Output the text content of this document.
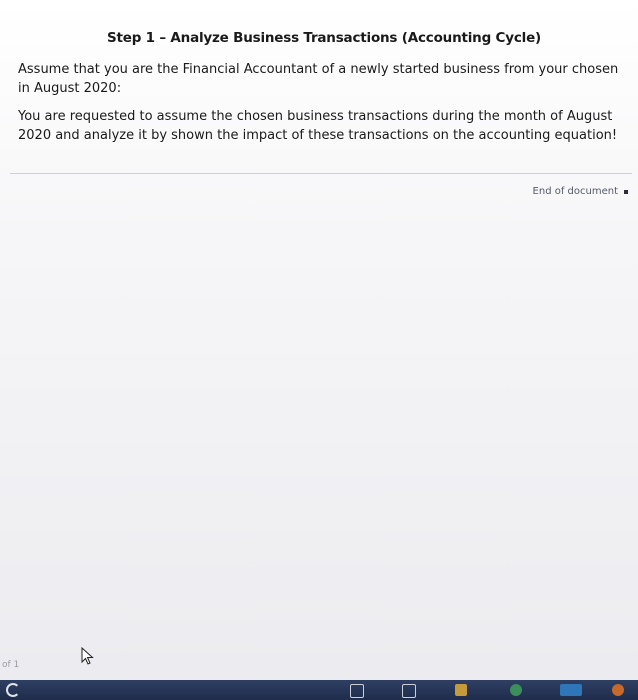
Step 1 – Analyze Business Transactions (Accounting Cycle)

Assume that you are the Financial Accountant of a newly started business from your chosen in August 2020:

You are requested to assume the chosen business transactions during the month of August 2020 and analyze it by shown the impact of these transactions on the accounting equation!

End of document
of 1
